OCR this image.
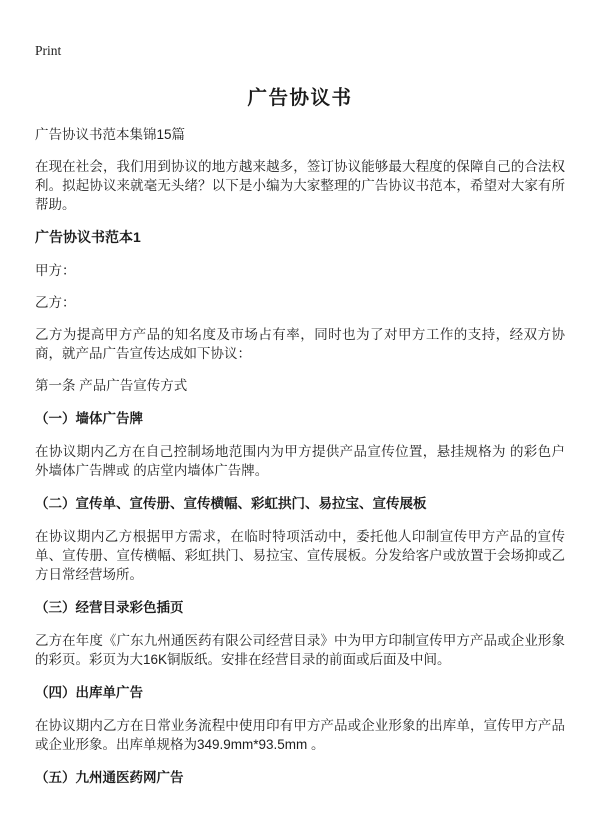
Print
广告协议书

广告协议书范本集锦15篇

在现在社会，我们用到协议的地方越来越多，签订协议能够最大程度的保障自己的合法权利。拟起协议来就毫无头绪？以下是小编为大家整理的广告协议书范本，希望对大家有所帮助。

广告协议书范本1

甲方：

乙方：

乙方为提高甲方产品的知名度及市场占有率，同时也为了对甲方工作的支持，经双方协商，就产品广告宣传达成如下协议：

第一条 产品广告宣传方式

（一）墙体广告牌

在协议期内乙方在自己控制场地范围内为甲方提供产品宣传位置，悬挂规格为 的彩色户外墙体广告牌或 的店堂内墙体广告牌。

（二）宣传单、宣传册、宣传横幅、彩虹拱门、易拉宝、宣传展板

在协议期内乙方根据甲方需求，在临时特项活动中，委托他人印制宣传甲方产品的宣传单、宣传册、宣传横幅、彩虹拱门、易拉宝、宣传展板。分发给客户或放置于会场抑或乙方日常经营场所。

（三）经营目录彩色插页

乙方在年度《广东九州通医药有限公司经营目录》中为甲方印制宣传甲方产品或企业形象的彩页。彩页为大16K铜版纸。安排在经营目录的前面或后面及中间。

（四）出库单广告

在协议期内乙方在日常业务流程中使用印有甲方产品或企业形象的出库单，宣传甲方产品或企业形象。出库单规格为349.9mm*93.5mm 。

（五）九州通医药网广告
